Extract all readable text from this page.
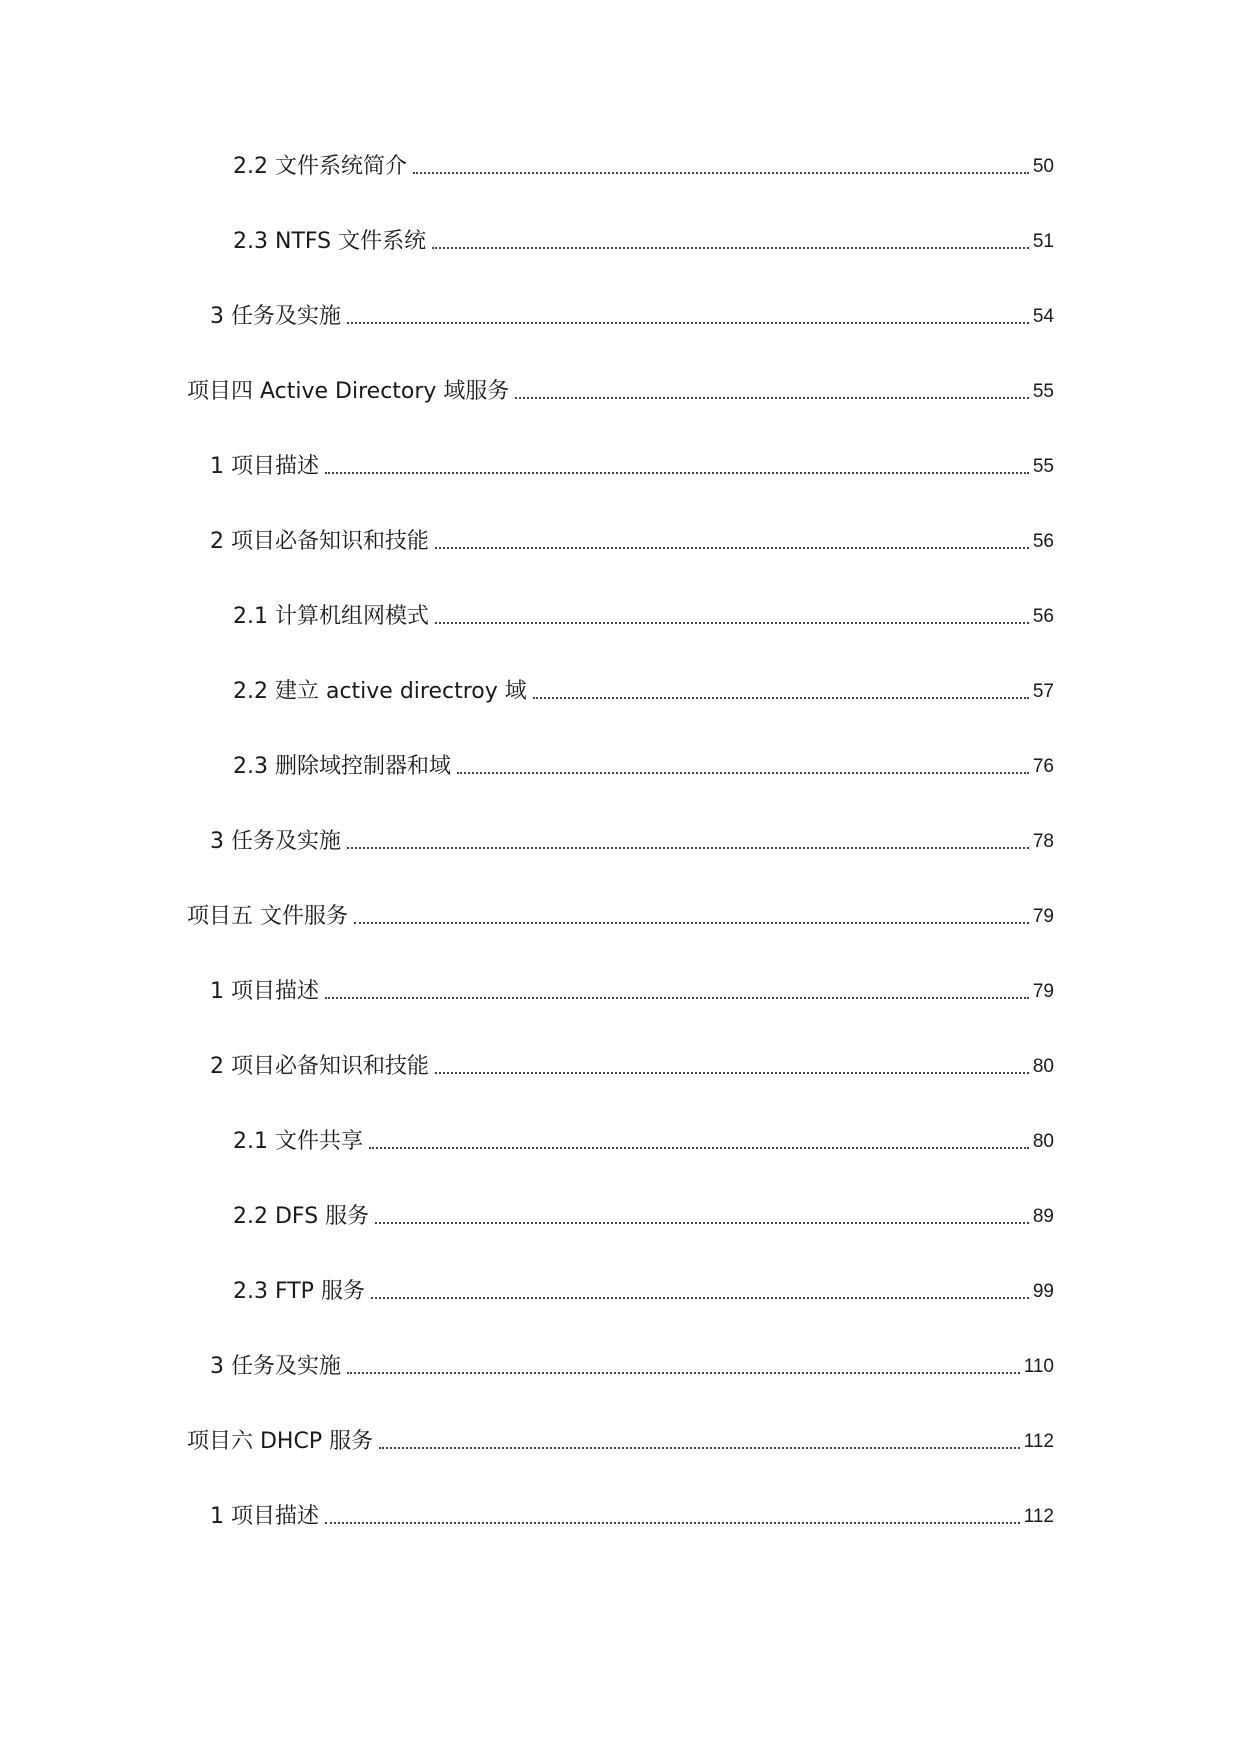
2.2 文件系统简介	50
2.3 NTFS 文件系统	51
3 任务及实施	54
项目四 Active Directory 域服务	55
1 项目描述	55
2 项目必备知识和技能	56
2.1 计算机组网模式	56
2.2 建立 active directroy 域	57
2.3 删除域控制器和域	76
3 任务及实施	78
项目五 文件服务	79
1 项目描述	79
2 项目必备知识和技能	80
2.1 文件共享	80
2.2 DFS 服务	89
2.3 FTP 服务	99
3 任务及实施	110
项目六 DHCP 服务	112
1 项目描述	112
